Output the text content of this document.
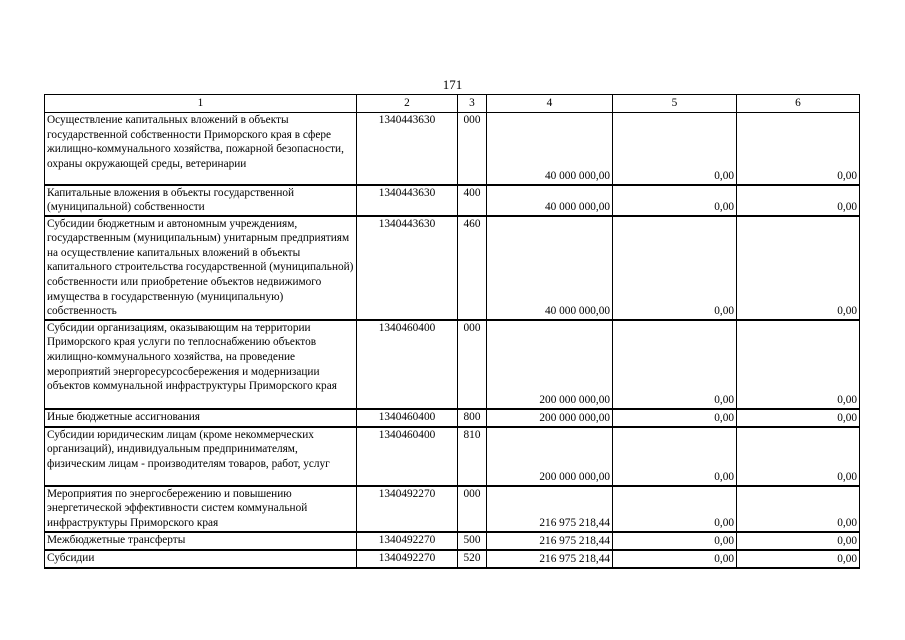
171
1	2	3	4	5	6
Осуществление капитальных вложений в объекты государственной собственности Приморского края в сфере жилищно-коммунального хозяйства, пожарной безопасности, охраны окружающей среды, ветеринарии	1340443630	000	40 000 000,00	0,00	0,00
Капитальные вложения в объекты государственной (муниципальной) собственности	1340443630	400	40 000 000,00	0,00	0,00
Субсидии бюджетным и автономным учреждениям, государственным (муниципальным) унитарным предприятиям на осуществление капитальных вложений в объекты капитального строительства государственной (муниципальной) собственности или приобретение объектов недвижимого имущества в государственную (муниципальную) собственность	1340443630	460	40 000 000,00	0,00	0,00
Субсидии организациям, оказывающим на территории Приморского края услуги по теплоснабжению объектов жилищно-коммунального хозяйства, на проведение мероприятий энергоресурсосбережения и модернизации объектов коммунальной инфраструктуры Приморского края	1340460400	000	200 000 000,00	0,00	0,00
Иные бюджетные ассигнования	1340460400	800	200 000 000,00	0,00	0,00
Субсидии юридическим лицам (кроме некоммерческих организаций), индивидуальным предпринимателям, физическим лицам - производителям товаров, работ, услуг	1340460400	810	200 000 000,00	0,00	0,00
Мероприятия по энергосбережению и повышению энергетической эффективности систем коммунальной инфраструктуры Приморского края	1340492270	000	216 975 218,44	0,00	0,00
Межбюджетные трансферты	1340492270	500	216 975 218,44	0,00	0,00
Субсидии	1340492270	520	216 975 218,44	0,00	0,00
